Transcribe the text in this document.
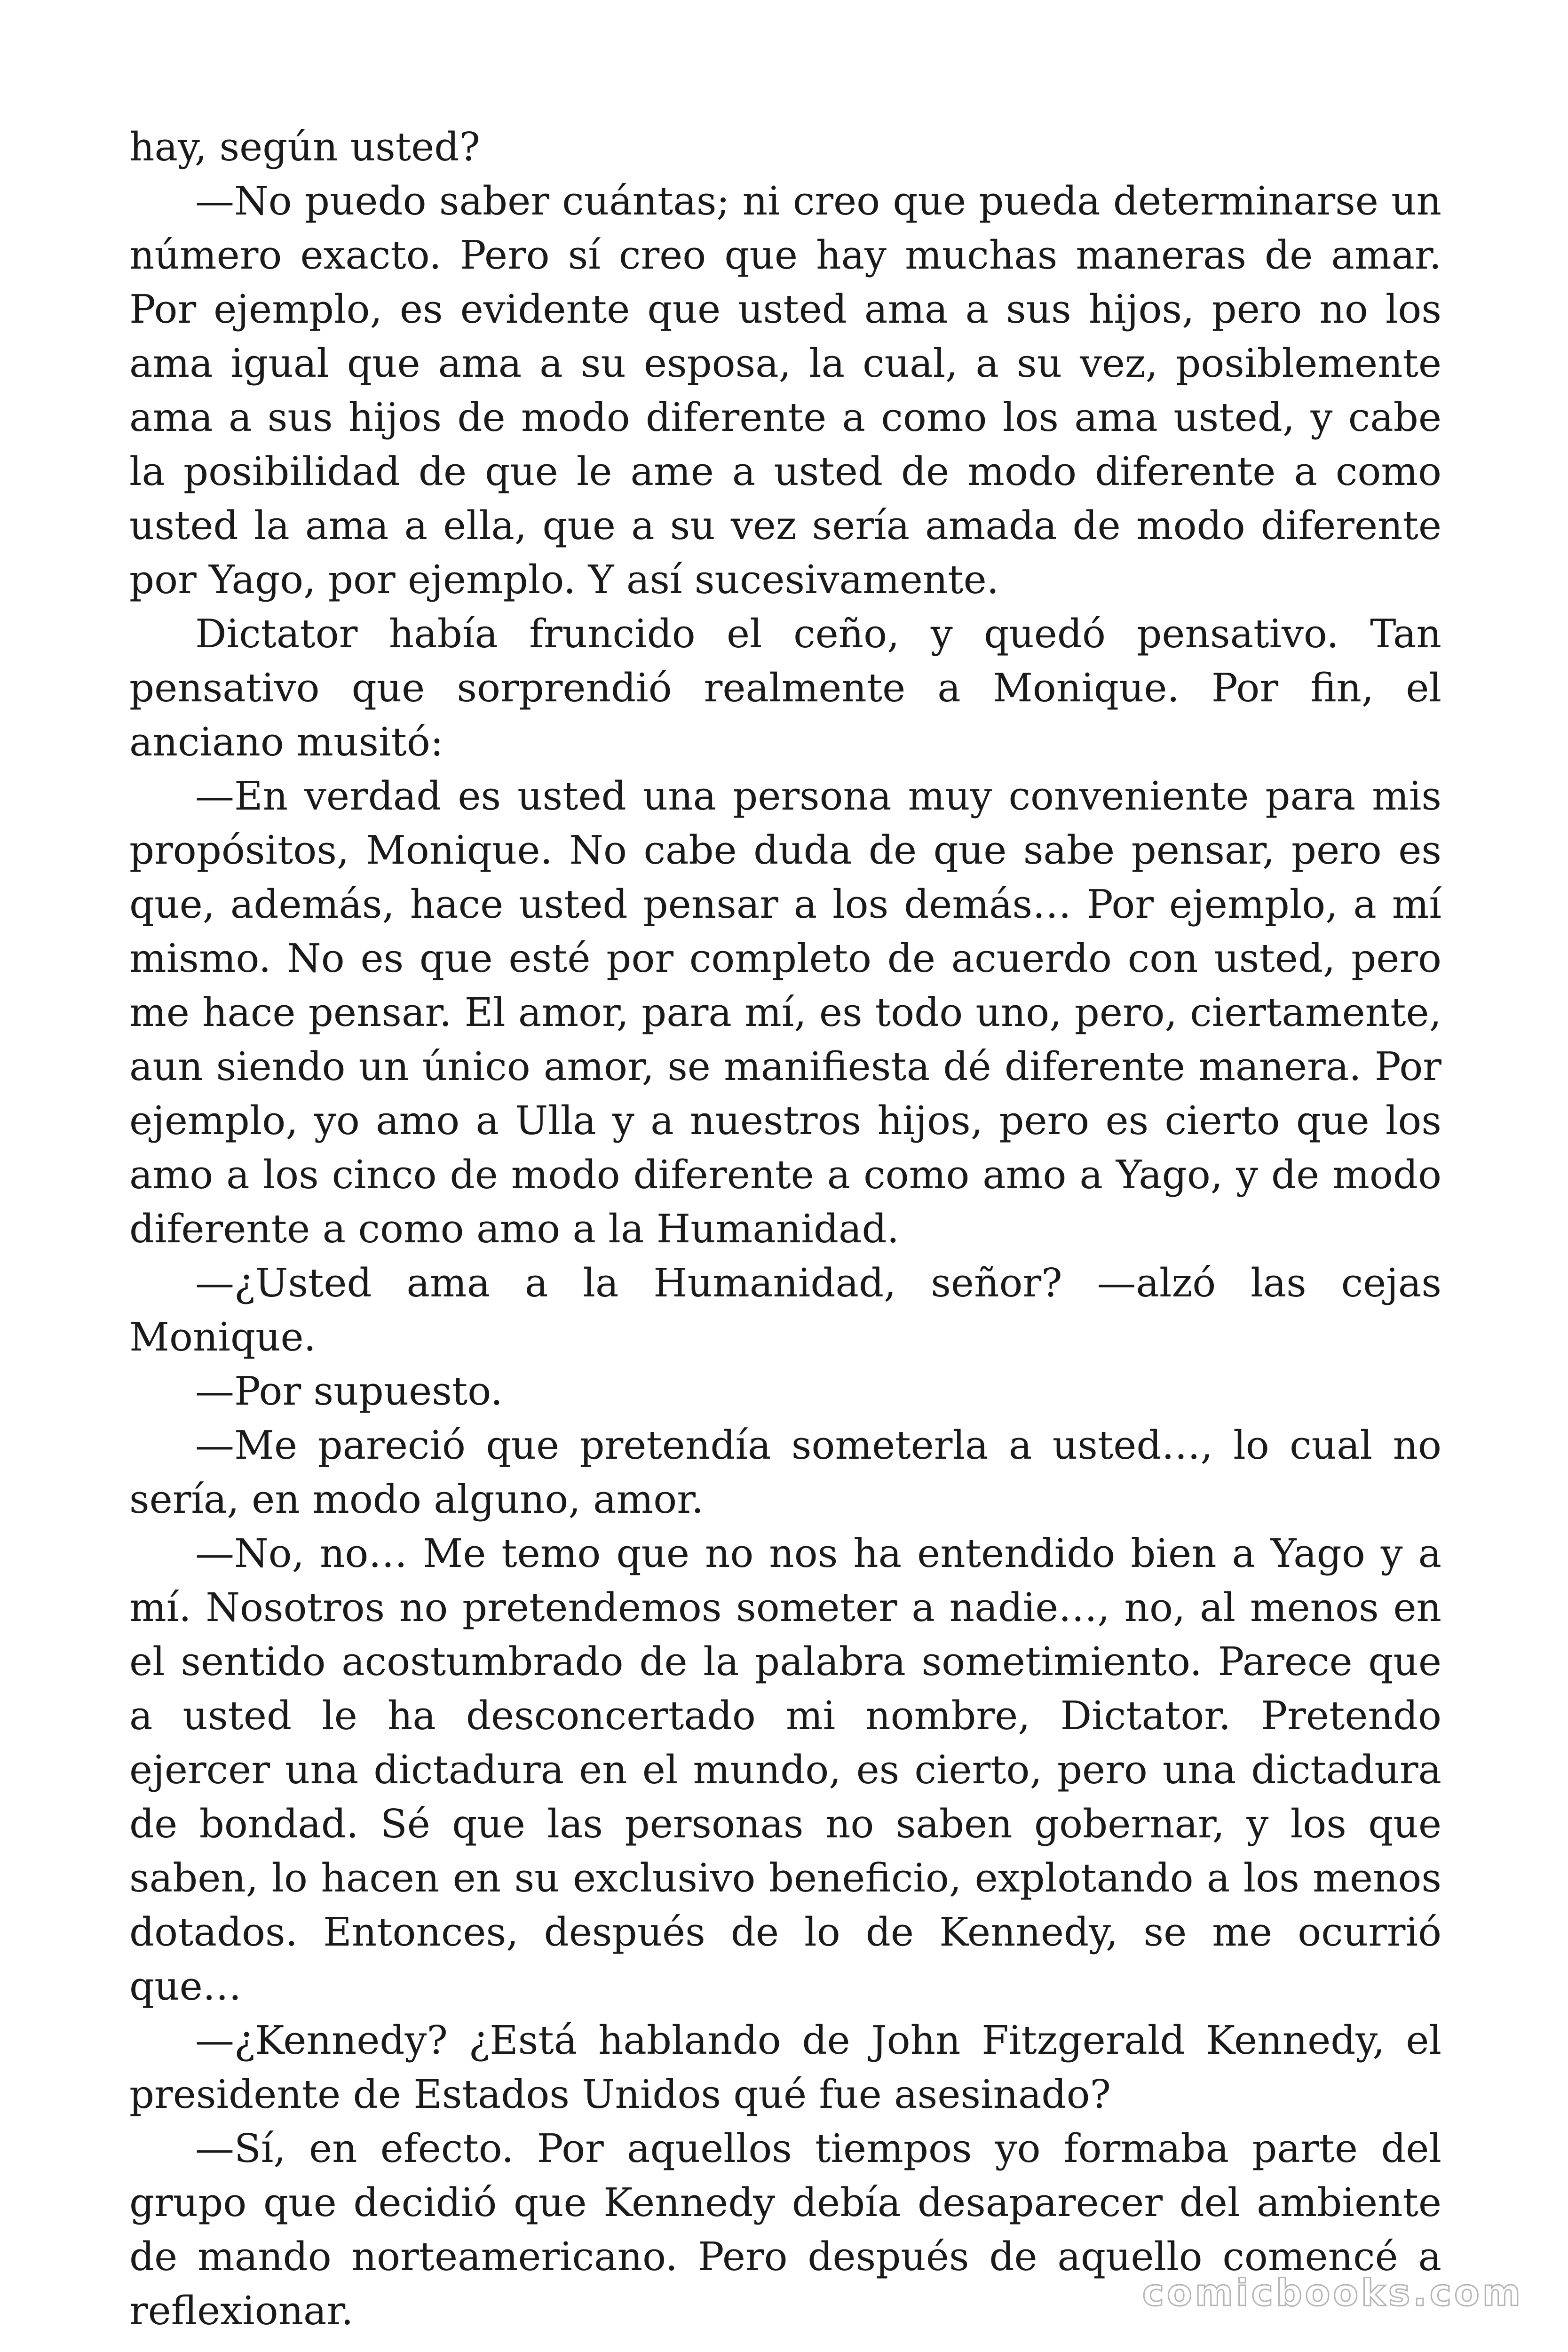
hay, según usted?

—No puedo saber cuántas; ni creo que pueda determinarse un número exacto. Pero sí creo que hay muchas maneras de amar. Por ejemplo, es evidente que usted ama a sus hijos, pero no los ama igual que ama a su esposa, la cual, a su vez, posiblemente ama a sus hijos de modo diferente a como los ama usted, y cabe la posibilidad de que le ame a usted de modo diferente a como usted la ama a ella, que a su vez sería amada de modo diferente por Yago, por ejemplo. Y así sucesivamente.

Dictator había fruncido el ceño, y quedó pensativo. Tan pensativo que sorprendió realmente a Monique. Por fin, el anciano musitó:

—En verdad es usted una persona muy conveniente para mis propósitos, Monique. No cabe duda de que sabe pensar, pero es que, además, hace usted pensar a los demás… Por ejemplo, a mí mismo. No es que esté por completo de acuerdo con usted, pero me hace pensar. El amor, para mí, es todo uno, pero, ciertamente, aun siendo un único amor, se manifiesta dé diferente manera. Por ejemplo, yo amo a Ulla y a nuestros hijos, pero es cierto que los amo a los cinco de modo diferente a como amo a Yago, y de modo diferente a como amo a la Humanidad.

—¿Usted ama a la Humanidad, señor? —alzó las cejas Monique.

—Por supuesto.

—Me pareció que pretendía someterla a usted…, lo cual no sería, en modo alguno, amor.

—No, no… Me temo que no nos ha entendido bien a Yago y a mí. Nosotros no pretendemos someter a nadie…, no, al menos en el sentido acostumbrado de la palabra sometimiento. Parece que a usted le ha desconcertado mi nombre, Dictator. Pretendo ejercer una dictadura en el mundo, es cierto, pero una dictadura de bondad. Sé que las personas no saben gobernar, y los que saben, lo hacen en su exclusivo beneficio, explotando a los menos dotados. Entonces, después de lo de Kennedy, se me ocurrió que…

—¿Kennedy? ¿Está hablando de John Fitzgerald Kennedy, el presidente de Estados Unidos qué fue asesinado?

—Sí, en efecto. Por aquellos tiempos yo formaba parte del grupo que decidió que Kennedy debía desaparecer del ambiente de mando norteamericano. Pero después de aquello comencé a reflexionar.	comicbooks.com
